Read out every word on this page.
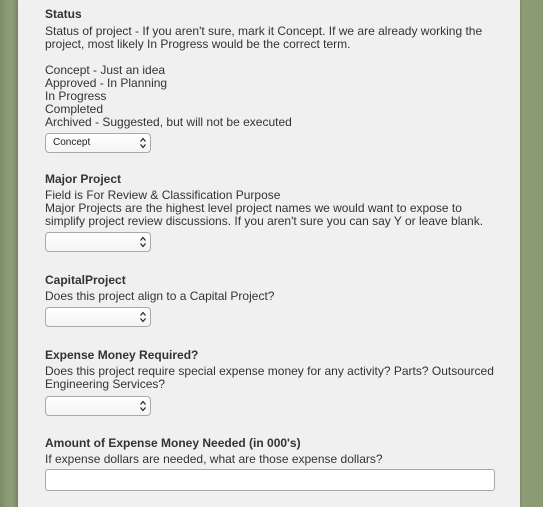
Status

Status of project - If you aren't sure, mark it Concept. If we are already working the project, most likely In Progress would be the correct term.

Concept - Just an idea

Approved - In Planning

In Progress

Completed

Archived - Suggested, but will not be executed

Concept

Major Project

Field is For Review & Classification Purpose

Major Projects are the highest level project names we would want to expose to simplify project review discussions. If you aren't sure you can say Y or leave blank.

CapitalProject

Does this project align to a Capital Project?

Expense Money Required?

Does this project require special expense money for any activity? Parts? Outsourced Engineering Services?

Amount of Expense Money Needed (in 000's)

If expense dollars are needed, what are those expense dollars?
